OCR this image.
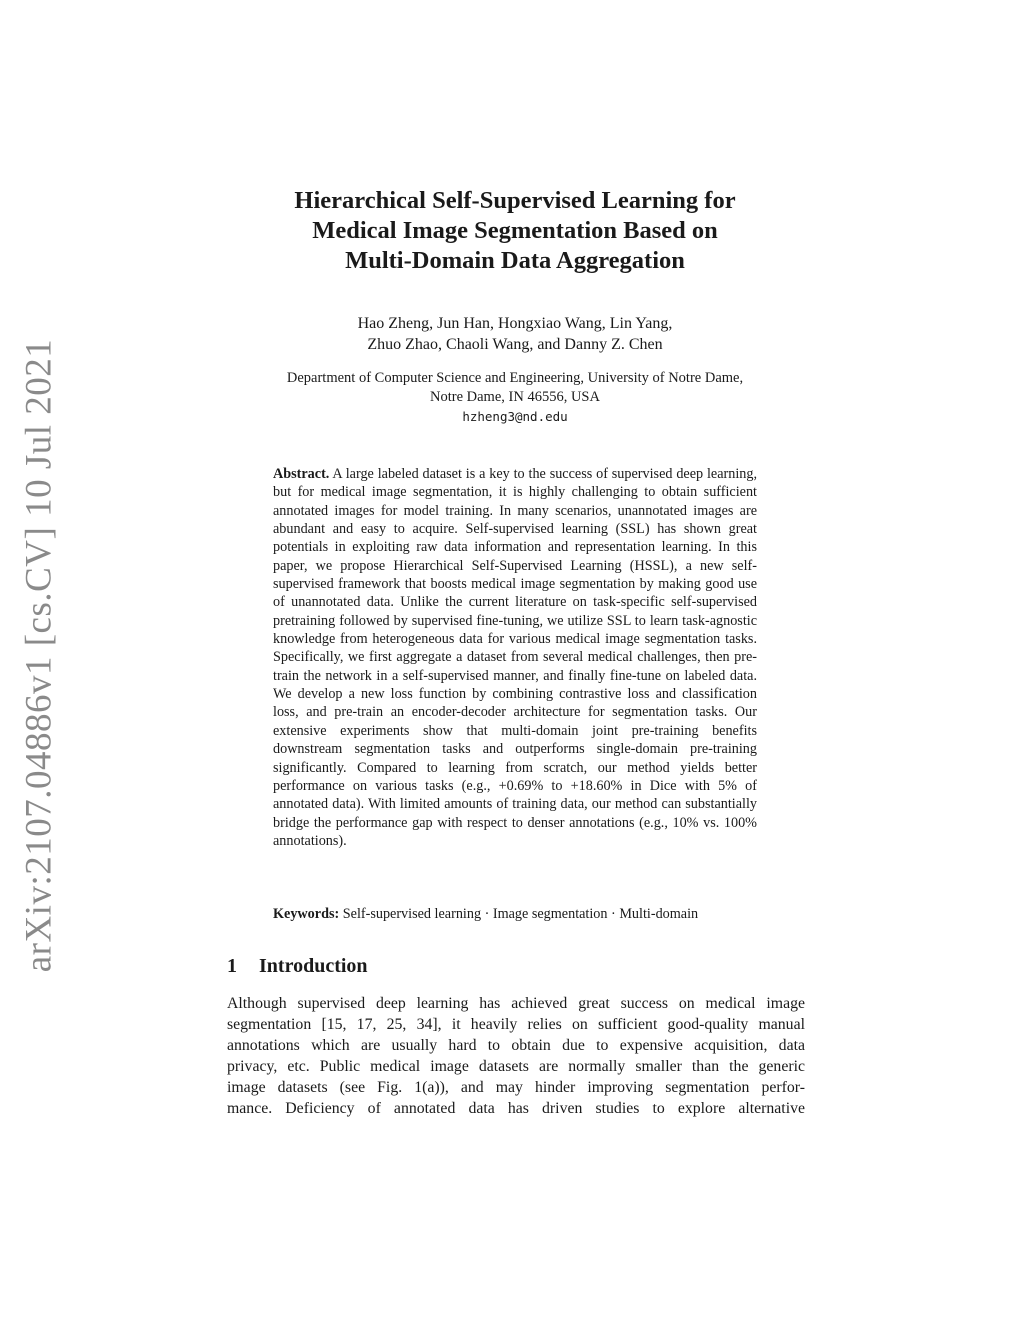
arXiv:2107.04886v1 [cs.CV] 10 Jul 2021
Hierarchical Self-Supervised Learning for
Medical Image Segmentation Based on
Multi-Domain Data Aggregation
Hao Zheng, Jun Han, Hongxiao Wang, Lin Yang,
Zhuo Zhao, Chaoli Wang, and Danny Z. Chen
Department of Computer Science and Engineering, University of Notre Dame,
Notre Dame, IN 46556, USA
hzheng3@nd.edu

Abstract. A large labeled dataset is a key to the success of supervised deep learning, but for medical image segmentation, it is highly challenging to obtain sufficient annotated images for model training. In many scenarios, unannotated images are abundant and easy to acquire. Self-supervised learning (SSL) has shown great potentials in exploiting raw data information and representation learning. In this paper, we propose Hierarchical Self-Supervised Learning (HSSL), a new self-supervised framework that boosts medical image segmentation by making good use of unannotated data. Unlike the current literature on task-specific self-supervised pretraining followed by supervised fine-tuning, we utilize SSL to learn task-agnostic knowledge from heterogeneous data for various medical image segmentation tasks. Specifically, we first aggregate a dataset from several medical challenges, then pre-train the network in a self-supervised manner, and finally fine-tune on labeled data. We develop a new loss function by combining contrastive loss and classification loss, and pre-train an encoder-decoder architecture for segmentation tasks. Our extensive experiments show that multi-domain joint pre-training benefits downstream segmentation tasks and outperforms single-domain pre-training significantly. Compared to learning from scratch, our method yields better performance on various tasks (e.g., +0.69% to +18.60% in Dice with 5% of annotated data). With limited amounts of training data, our method can substantially bridge the performance gap with respect to denser annotations (e.g., 10% vs. 100% annotations).

Keywords: Self-supervised learning · Image segmentation · Multi-domain
1 Introduction
Although supervised deep learning has achieved great success on medical image
segmentation [15, 17, 25, 34], it heavily relies on sufficient good-quality manual
annotations which are usually hard to obtain due to expensive acquisition, data
privacy, etc. Public medical image datasets are normally smaller than the generic
image datasets (see Fig. 1(a)), and may hinder improving segmentation perfor-
mance. Deficiency of annotated data has driven studies to explore alternative
